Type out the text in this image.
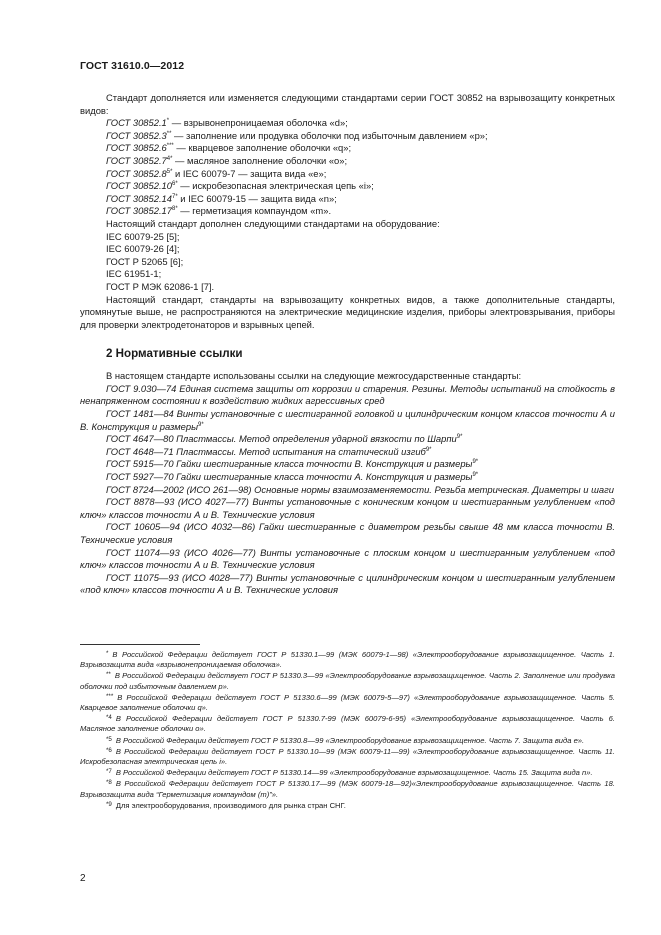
ГОСТ 31610.0—2012

Стандарт дополняется или изменяется следующими стандартами серии ГОСТ 30852 на взрывозащиту конкретных видов:

ГОСТ 30852.1* — взрывонепроницаемая оболочка «d»;

ГОСТ 30852.3** — заполнение или продувка оболочки под избыточным давлением «р»;

ГОСТ 30852.6*** — кварцевое заполнение оболочки «q»;

ГОСТ $30852.7^{4*}$ — масляное заполнение оболочки «о»;

ГОСТ $30852.8^{5*}$ и IEC 60079-7 — защита вида «е»;

ГОСТ $30852.10^{6*}$ — искробезопасная электрическая цепь «i»;

ГОСТ $30852.14^{7*}$ и IEC 60079-15 — защита вида «n»;

ГОСТ $30852.17^{8*}$ — герметизация компаундом «m».

Настоящий стандарт дополнен следующими стандартами на оборудование:

IEC 60079-25 [5];

IEC 60079-26 [4];

ГОСТ Р 52065 [6];

IEC 61951-1;

ГОСТ Р МЭК 62086-1 [7].

Настоящий стандарт, стандарты на взрывозащиту конкретных видов, а также дополнительные стандарты, упомянутые выше, не распространяются на электрические медицинские изделия, приборы электровзрывания, приборы для проверки электродетонаторов и взрывных цепей.

2 Нормативные ссылки

В настоящем стандарте использованы ссылки на следующие межгосударственные стандарты:

ГОСТ 9.030—74 Единая система защиты от коррозии и старения. Резины. Методы испытаний на стойкость в ненапряженном состоянии к воздействию жидких агрессивных сред

ГОСТ 1481—84 Винты установочные с шестигранной головкой и цилиндрическим концом классов точности А и В. Конструкция и размеры$^{9*}$

ГОСТ 4647—80 Пластмассы. Метод определения ударной вязкости по Шарпи$^{9*}$

ГОСТ 4648—71 Пластмассы. Метод испытания на статический изгиб$^{9*}$

ГОСТ 5915—70 Гайки шестигранные класса точности В. Конструкция и размеры$^{9*}$

ГОСТ 5927—70 Гайки шестигранные класса точности А. Конструкция и размеры$^{9*}$

ГОСТ 8724—2002 (ИСО 261—98) Основные нормы взаимозаменяемости. Резьба метрическая. Диаметры и шаги

ГОСТ 8878—93 (ИСО 4027—77) Винты установочные с коническим концом и шестигранным углублением «под ключ» классов точности А и В. Технические условия

ГОСТ 10605—94 (ИСО 4032—86) Гайки шестигранные с диаметром резьбы свыше 48 мм класса точности В. Технические условия

ГОСТ 11074—93 (ИСО 4026—77) Винты установочные с плоским концом и шестигранным углублением «под ключ» классов точности А и В. Технические условия

ГОСТ 11075—93 (ИСО 4028—77) Винты установочные с цилиндрическим концом и шестигранным углублением «под ключ» классов точности А и В. Технические условия

* В Российской Федерации действует ГОСТ Р 51330.1—99 (МЭК 60079-1—98) «Электрооборудование взрывозащищенное. Часть 1. Взрывозащита вида «взрывонепроницаемая оболочка».

** В Российской Федерации действует ГОСТ Р 51330.3—99 «Электрооборудование взрывозащищенное. Часть 2. Заполнение или продувка оболочки под избыточным давлением р».

*** В Российской Федерации действует ГОСТ Р 51330.6—99 (МЭК 60079-5—97) «Электрооборудование взрывозащищенное. Часть 5. Кварцевое заполнение оболочки q».

$^{*4}$ В Российской Федерации действует ГОСТ Р 51330.7-99 (МЭК 60079-6-95) «Электрооборудование взрывозащищенное. Часть 6. Масляное заполнение оболочки о».

$^{*5}$ В Российской Федерации действует ГОСТ Р 51330.8—99 «Электрооборудование взрывозащищенное. Часть 7. Защита вида е».

$^{*6}$ В Российской Федерации действует ГОСТ Р 51330.10—99 (МЭК 60079-11—99) «Электрооборудование взрывозащищенное. Часть 11. Искробезопасная электрическая цепь i».

$^{*7}$ В Российской Федерации действует ГОСТ Р 51330.14—99 «Электрооборудование взрывозащищенное. Часть 15. Защита вида n».

$^{*8}$ В Российской Федерации действует ГОСТ Р 51330.17—99 (МЭК 60079-18—92)«Электрооборудование взрывозащищенное. Часть 18. Взрывозащита вида “Герметизация компаундом (m)”».

$^{*9}$ Для электрооборудования, производимого для рынка стран СНГ.

2
